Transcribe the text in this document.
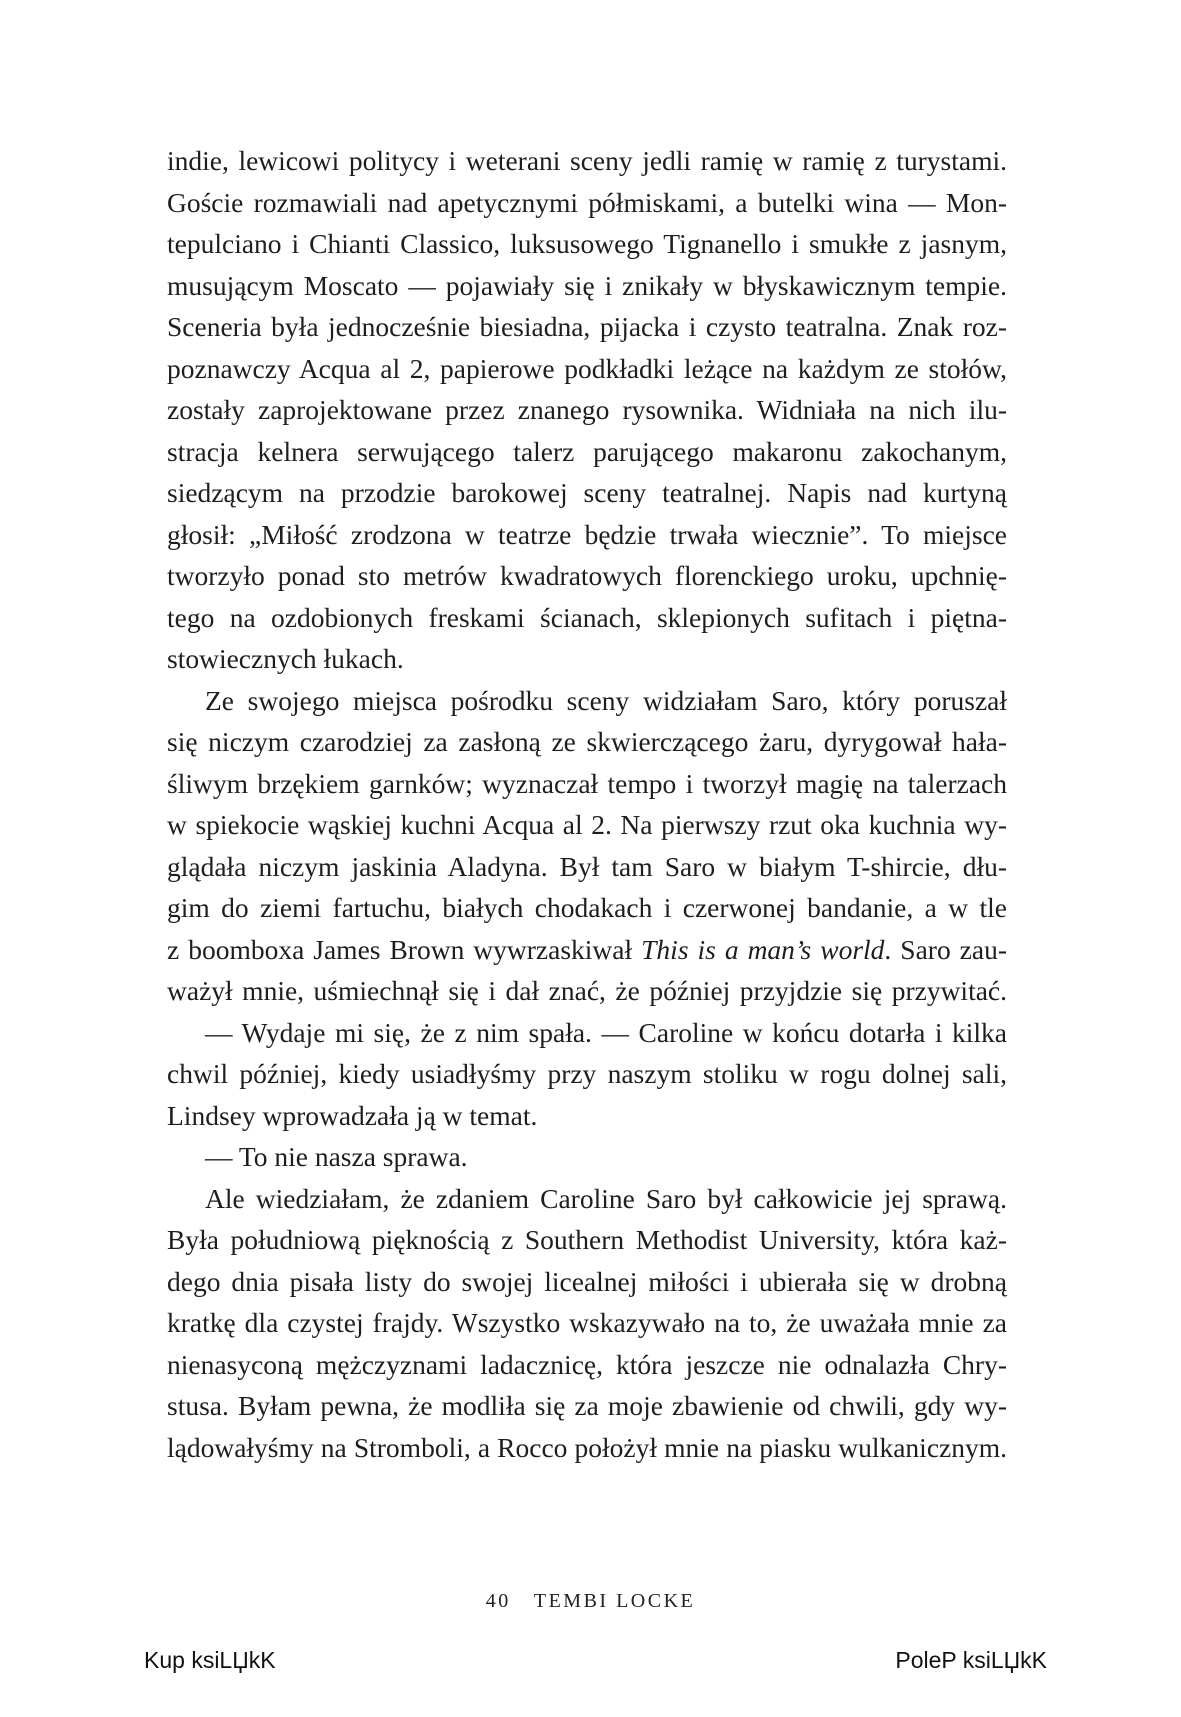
indie, lewicowi politycy i weterani sceny jedli ramię w ramię z turystami.
Goście rozmawiali nad apetycznymi półmiskami, a butelki wina — Mon-
tepulciano i Chianti Classico, luksusowego Tignanello i smukłe z jasnym,
musującym Moscato — pojawiały się i znikały w błyskawicznym tempie.
Sceneria była jednocześnie biesiadna, pijacka i czysto teatralna. Znak roz-
poznawczy Acqua al 2, papierowe podkładki leżące na każdym ze stołów,
zostały zaprojektowane przez znanego rysownika. Widniała na nich ilu-
stracja kelnera serwującego talerz parującego makaronu zakochanym,
siedzącym na przodzie barokowej sceny teatralnej. Napis nad kurtyną
głosił: „Miłość zrodzona w teatrze będzie trwała wiecznie”. To miejsce
tworzyło ponad sto metrów kwadratowych florenckiego uroku, upchnię-
tego na ozdobionych freskami ścianach, sklepionych sufitach i piętna-
stowiecznych łukach.
Ze swojego miejsca pośrodku sceny widziałam Saro, który poruszał
się niczym czarodziej za zasłoną ze skwierczącego żaru, dyrygował hała-
śliwym brzękiem garnków; wyznaczał tempo i tworzył magię na talerzach
w spiekocie wąskiej kuchni Acqua al 2. Na pierwszy rzut oka kuchnia wy-
glądała niczym jaskinia Aladyna. Był tam Saro w białym T-shircie, dłu-
gim do ziemi fartuchu, białych chodakach i czerwonej bandanie, a w tle
z boomboxa James Brown wywrzaskiwał This is a man’s world. Saro zau-
ważył mnie, uśmiechnął się i dał znać, że później przyjdzie się przywitać.
— Wydaje mi się, że z nim spała. — Caroline w końcu dotarła i kilka
chwil później, kiedy usiadłyśmy przy naszym stoliku w rogu dolnej sali,
Lindsey wprowadzała ją w temat.
— To nie nasza sprawa.
Ale wiedziałam, że zdaniem Caroline Saro był całkowicie jej sprawą.
Była południową pięknością z Southern Methodist University, która każ-
dego dnia pisała listy do swojej licealnej miłości i ubierała się w drobną
kratkę dla czystej frajdy. Wszystko wskazywało na to, że uważała mnie za
nienasyconą mężczyznami ladacznicę, która jeszcze nie odnalazła Chry-
stusa. Byłam pewna, że modliła się za moje zbawienie od chwili, gdy wy-
lądowałyśmy na Stromboli, a Rocco położył mnie na piasku wulkanicznym.
40 TEMBI LOCKE
Kup ksiLЏkK	PoleP ksiLЏkK
